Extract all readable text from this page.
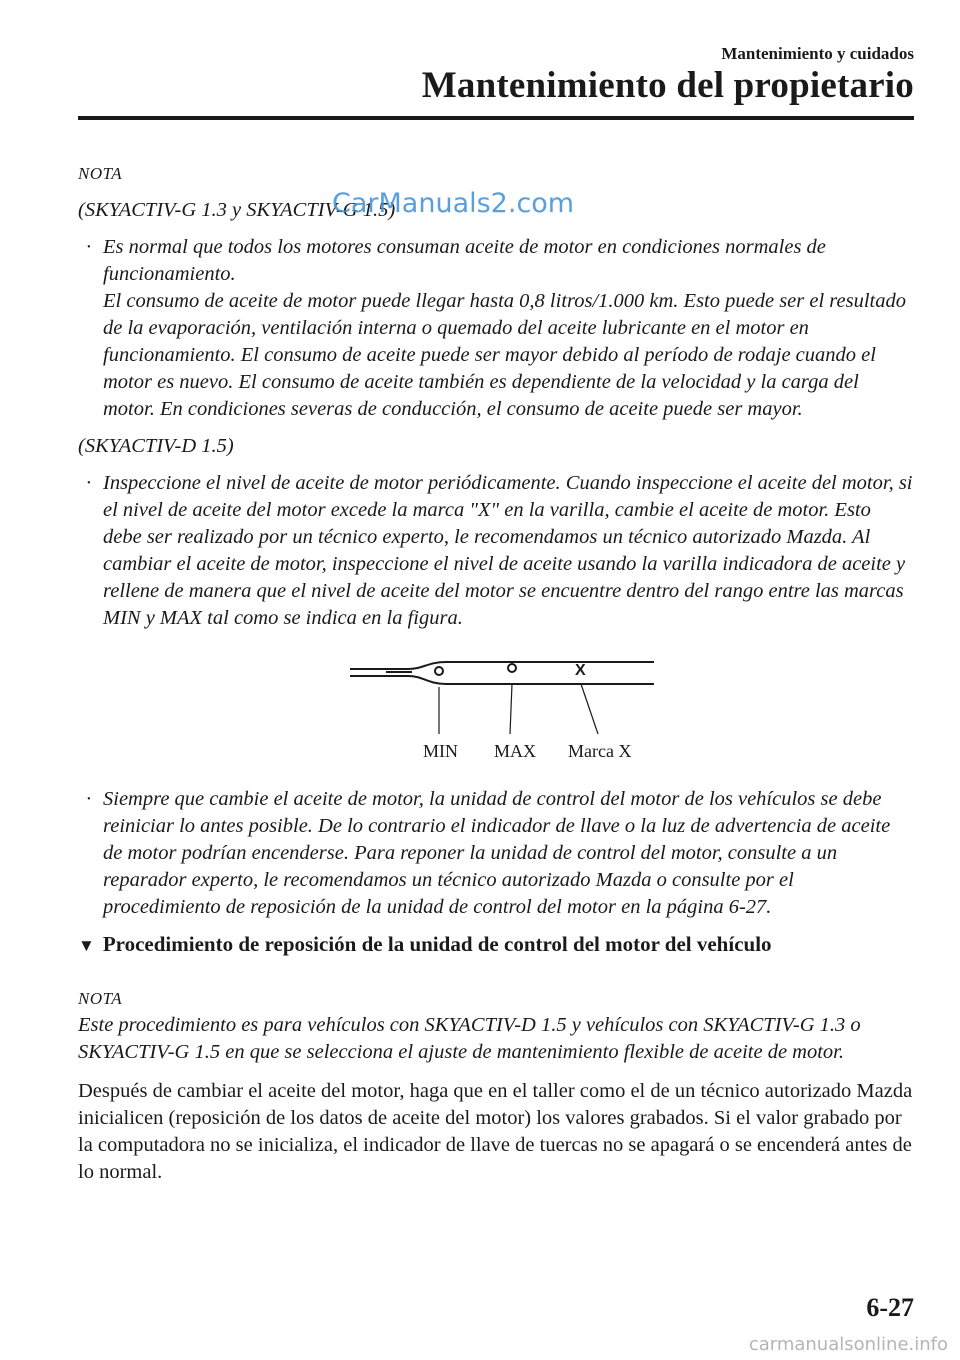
Mantenimiento y cuidados
Mantenimiento del propietario
NOTA
(SKYACTIV-G 1.3 y SKYACTIV-G 1.5)
· Es normal que todos los motores consuman aceite de motor en condiciones normales de funcionamiento.

El consumo de aceite de motor puede llegar hasta 0,8 litros/1.000 km. Esto puede ser el resultado de la evaporación, ventilación interna o quemado del aceite lubricante en el motor en funcionamiento. El consumo de aceite puede ser mayor debido al período de rodaje cuando el motor es nuevo. El consumo de aceite también es dependiente de la velocidad y la carga del motor. En condiciones severas de conducción, el consumo de aceite puede ser mayor.

(SKYACTIV-D 1.5)
· Inspeccione el nivel de aceite de motor periódicamente. Cuando inspeccione el aceite del motor, si el nivel de aceite del motor excede la marca "X" en la varilla, cambie el aceite de motor. Esto debe ser realizado por un técnico experto, le recomendamos un técnico autorizado Mazda. Al cambiar el aceite de motor, inspeccione el nivel de aceite usando la varilla indicadora de aceite y rellene de manera que el nivel de aceite del motor se encuentre dentro del rango entre las marcas MIN y MAX tal como se indica en la figura.

X
MIN MAX Marca X
· Siempre que cambie el aceite de motor, la unidad de control del motor de los vehículos se debe reiniciar lo antes posible. De lo contrario el indicador de llave o la luz de advertencia de aceite de motor podrían encenderse. Para reponer la unidad de control del motor, consulte a un reparador experto, le recomendamos un técnico autorizado Mazda o consulte por el procedimiento de reposición de la unidad de control del motor en la página 6-27.

▼ Procedimiento de reposición de la unidad de control del motor del vehículo
NOTA
Este procedimiento es para vehículos con SKYACTIV-D 1.5 y vehículos con SKYACTIV-G 1.3 o SKYACTIV-G 1.5 en que se selecciona el ajuste de mantenimiento flexible de aceite de motor.

Después de cambiar el aceite del motor, haga que en el taller como el de un técnico autorizado Mazda inicialicen (reposición de los datos de aceite del motor) los valores grabados. Si el valor grabado por la computadora no se inicializa, el indicador de llave de tuercas no se apagará o se encenderá antes de lo normal.

6-27
CarManuals2.com
carmanualsonline.info
